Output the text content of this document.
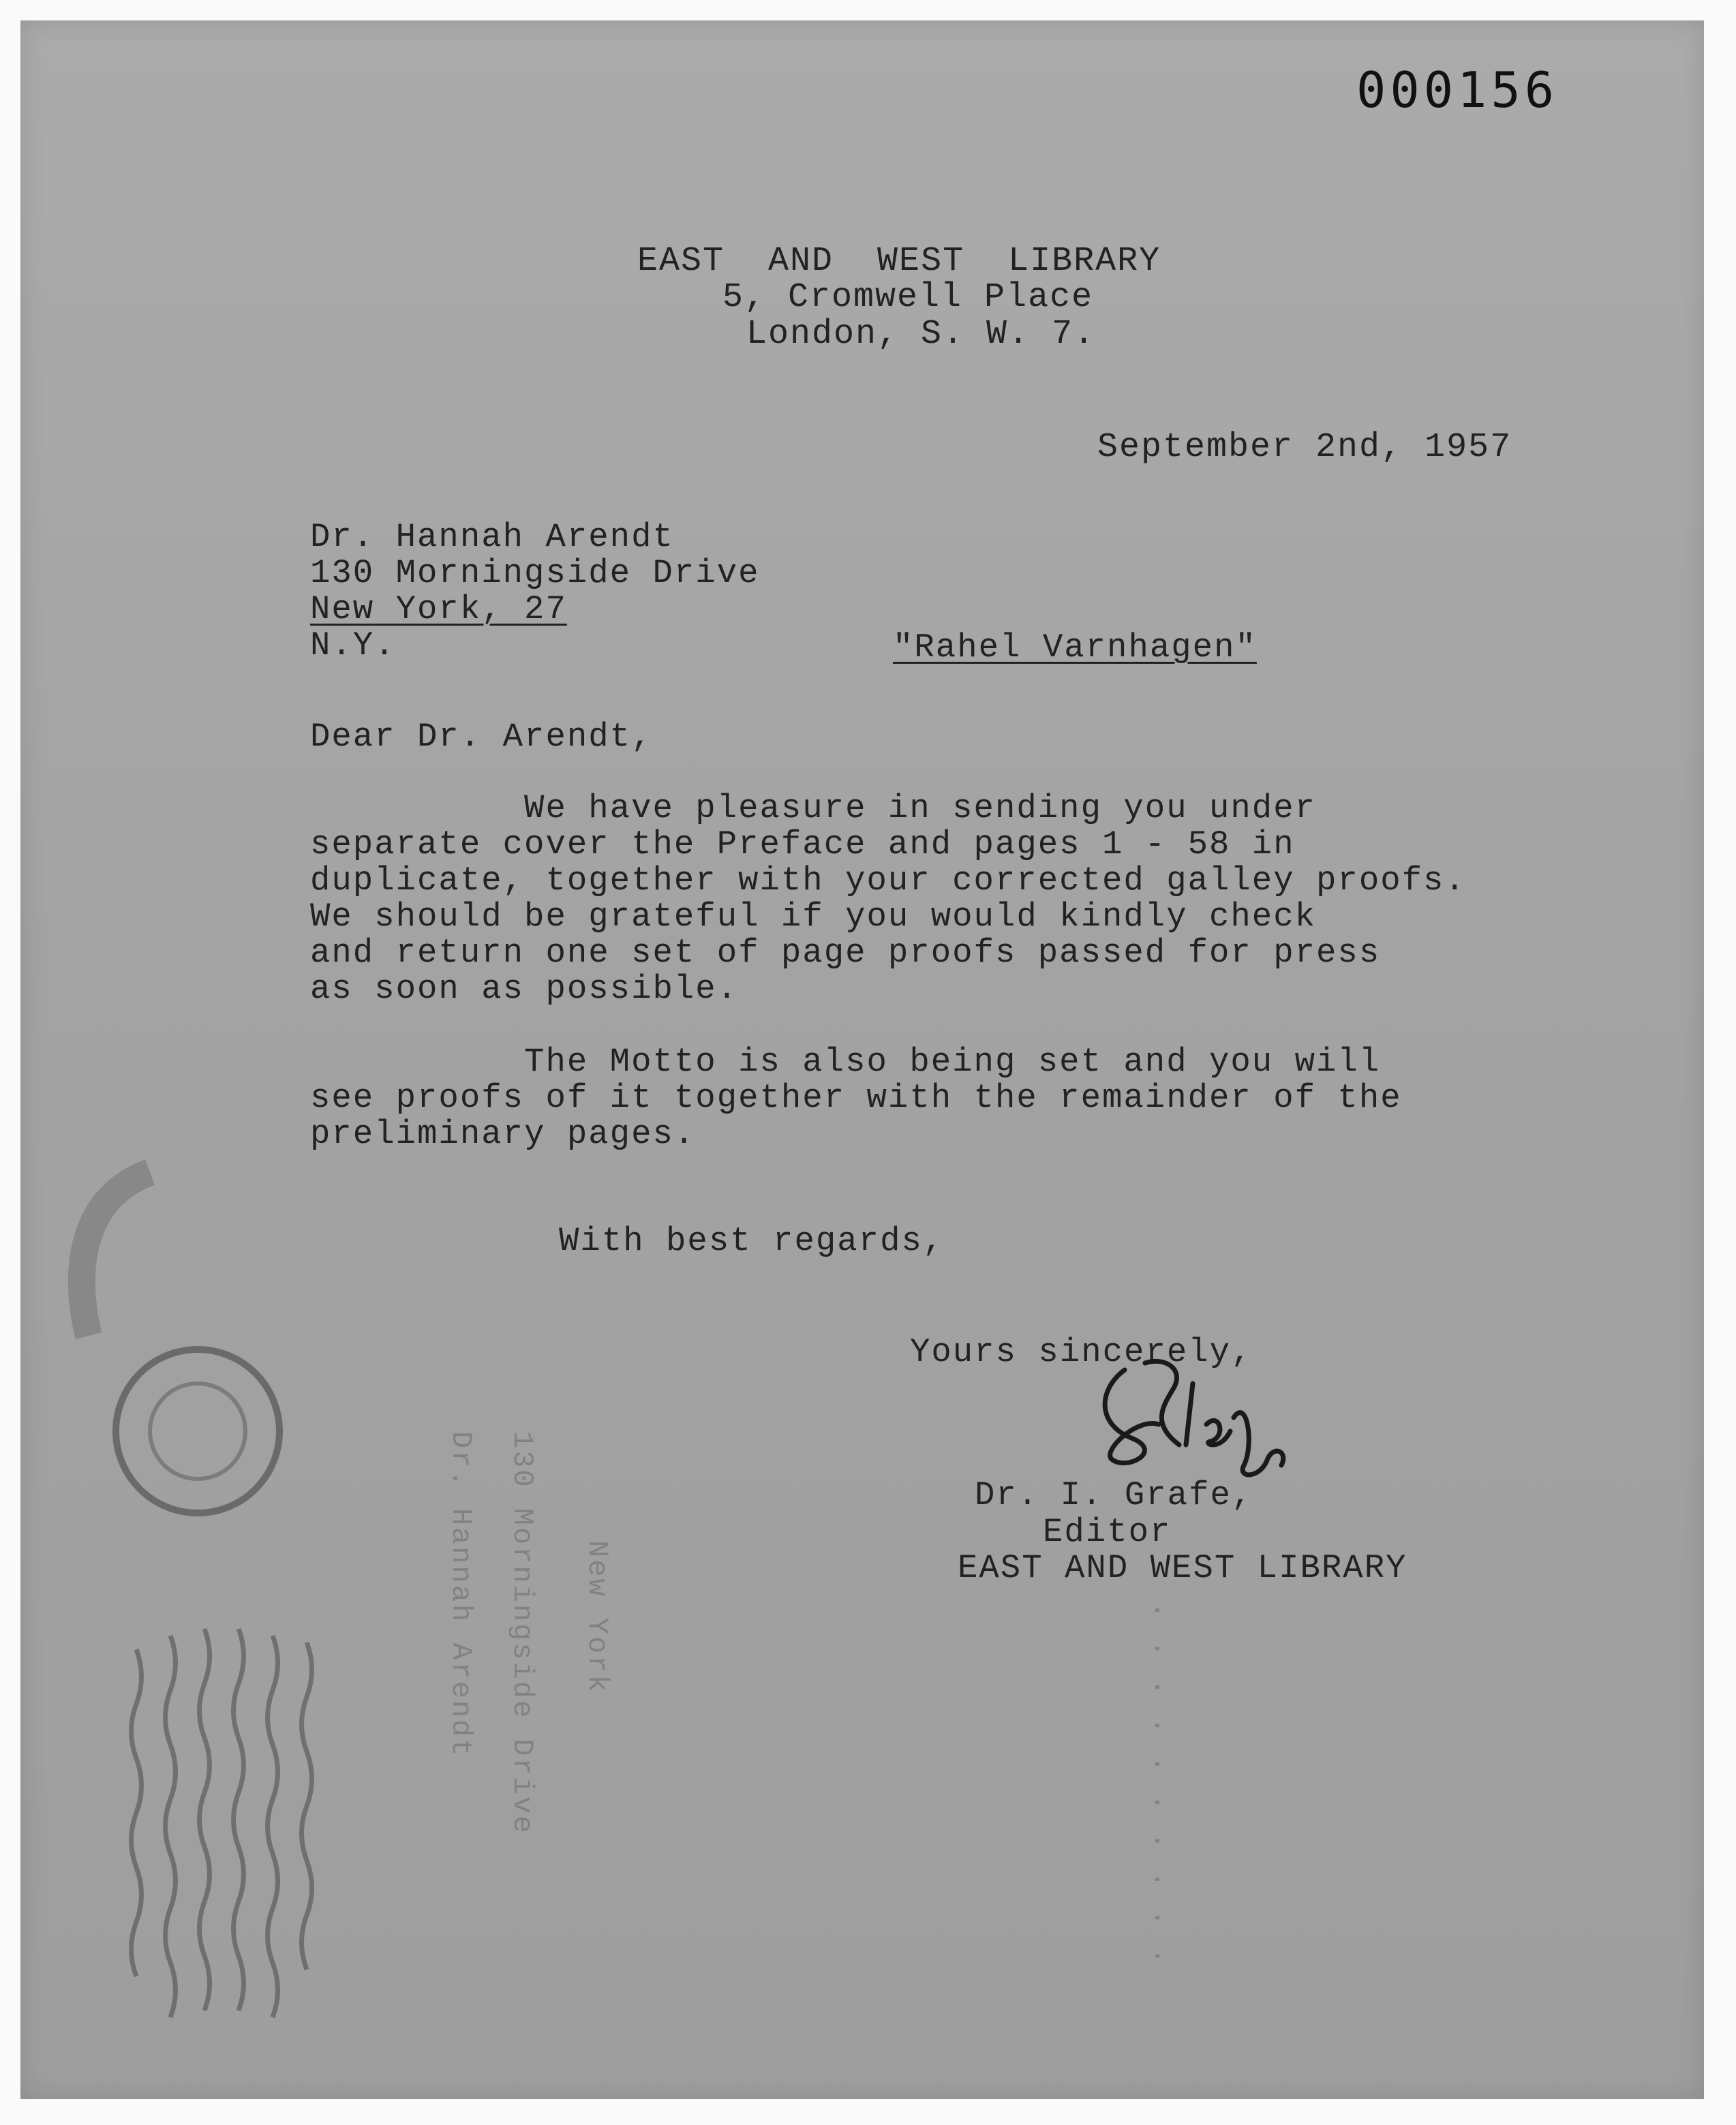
Dr. Hannah Arendt 130 Morningside Drive New York	. . . . . . . . . .
000156
EAST  AND  WEST  LIBRARY
5, Cromwell Place
London, S. W. 7.
September 2nd, 1957
Dr. Hannah Arendt
130 Morningside Drive
New York, 27
N.Y.	"Rahel Varnhagen"
Dear Dr. Arendt,
We have pleasure in sending you under
separate cover the Preface and pages 1 - 58 in
duplicate, together with your corrected galley proofs.
We should be grateful if you would kindly check
and return one set of page proofs passed for press
as soon as possible.
The Motto is also being set and you will
see proofs of it together with the remainder of the
preliminary pages.
With best regards,
Yours sincerely,
Dr. I. Grafe,
Editor
EAST AND WEST LIBRARY
